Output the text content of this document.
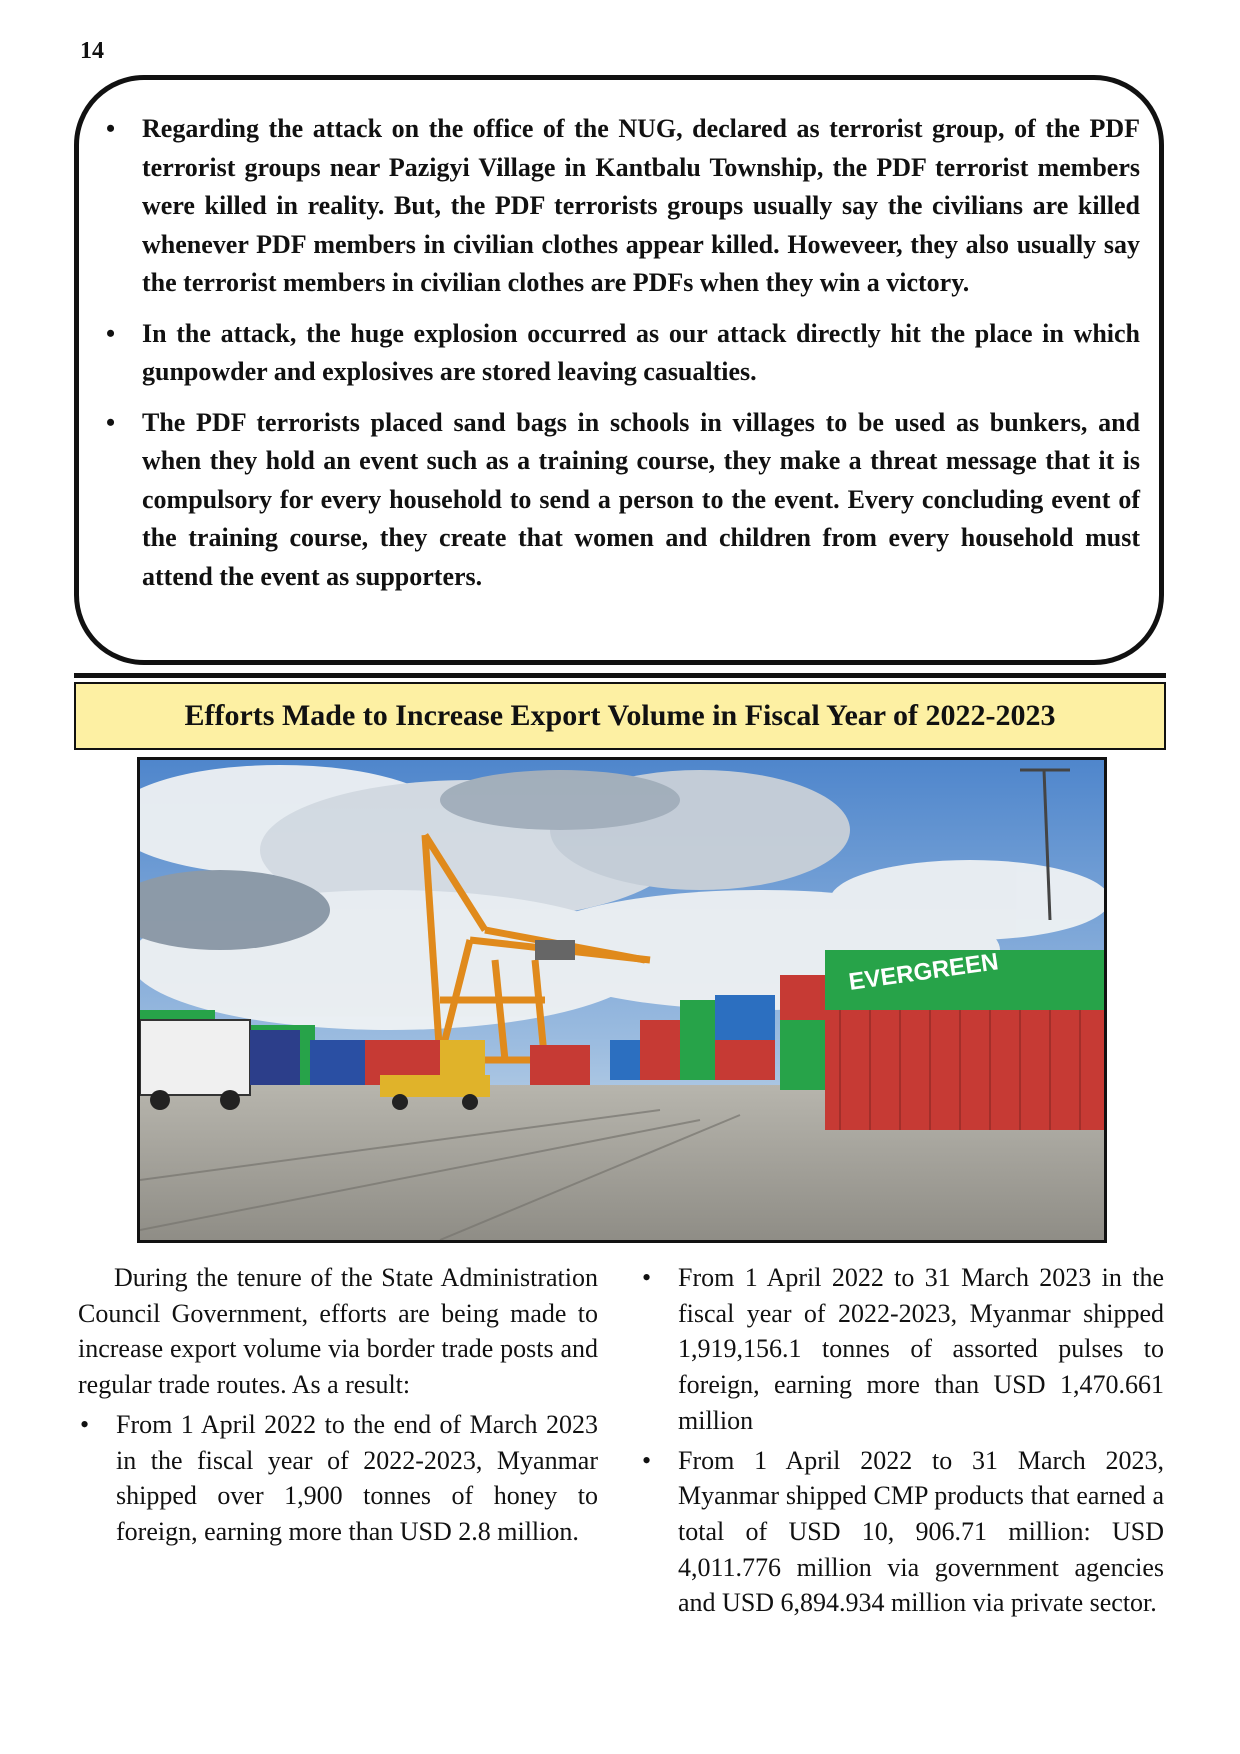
14
• Regarding the attack on the office of the NUG, declared as terrorist group, of the PDF terrorist groups near Pazigyi Village in Kantbalu Township, the PDF terrorist members were killed in reality. But, the PDF terrorists groups usually say the civilians are killed whenever PDF members in civilian clothes appear killed. Howeveer, they also usually say the terrorist members in civilian clothes are PDFs when they win a victory.
• In the attack, the huge explosion occurred as our attack directly hit the place in which gunpowder and explosives are stored leaving casualties.
• The PDF terrorists placed sand bags in schools in villages to be used as bunkers, and when they hold an event such as a training course, they make a threat message that it is compulsory for every household to send a person to the event. Every concluding event of the training course, they create that women and children from every household must attend the event as supporters.
Efforts Made to Increase Export Volume in Fiscal Year of 2022-2023
EVERGREEN

During the tenure of the State Administration Council Government, efforts are being made to increase export volume via border trade posts and regular trade routes. As a result:

• From 1 April 2022 to the end of March 2023 in the fiscal year of 2022-2023, Myanmar shipped over 1,900 tonnes of honey to foreign, earning more than USD 2.8 million.
• From 1 April 2022 to 31 March 2023 in the fiscal year of 2022-2023, Myanmar shipped 1,919,156.1 tonnes of assorted pulses to foreign, earning more than USD 1,470.661 million
• From 1 April 2022 to 31 March 2023, Myanmar shipped CMP products that earned a total of USD 10, 906.71 million: USD 4,011.776 million via government agencies and USD 6,894.934 million via private sector.
